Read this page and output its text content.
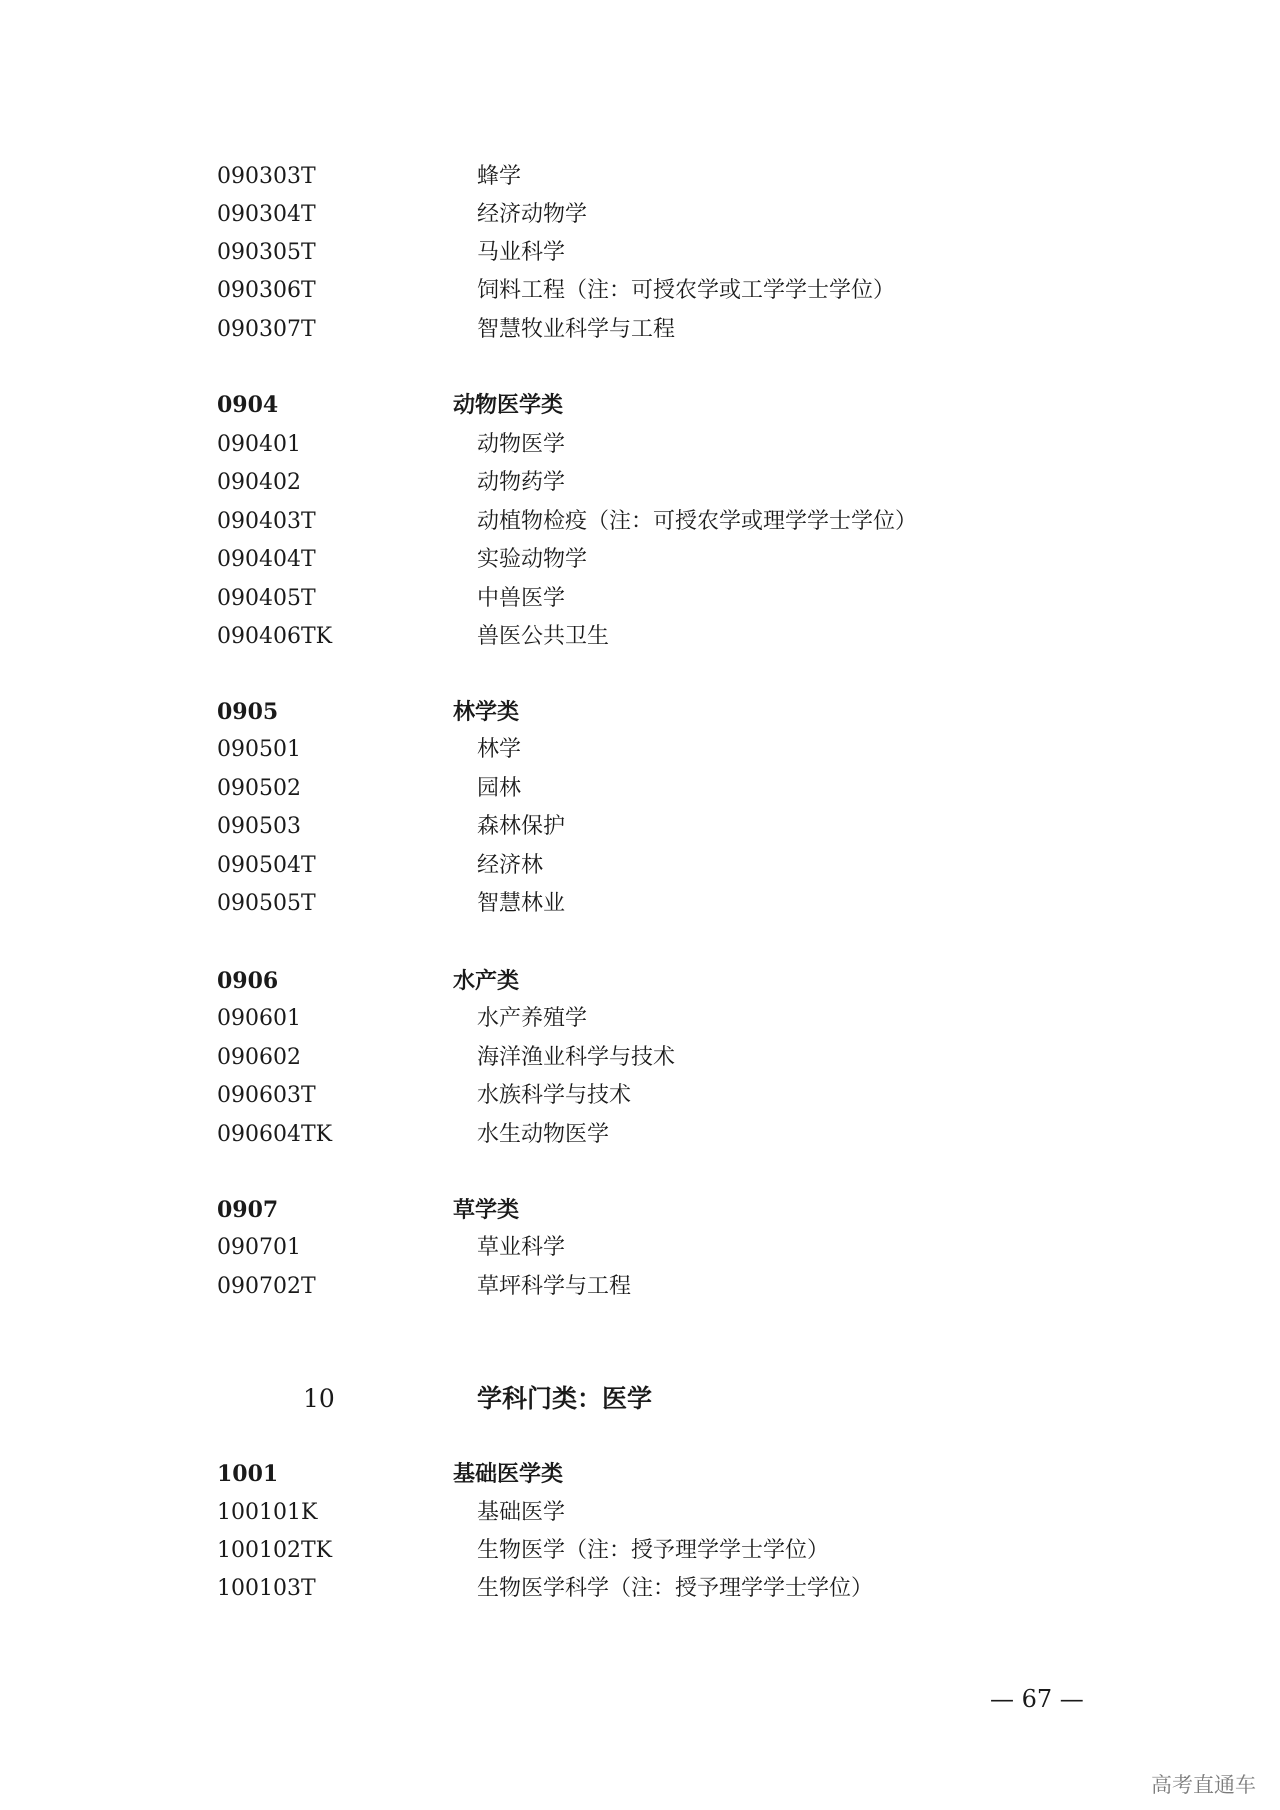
090303T	蜂学
090304T	经济动物学
090305T	马业科学
090306T	饲料工程（注：可授农学或工学学士学位）
090307T	智慧牧业科学与工程
0904	动物医学类
090401	动物医学
090402	动物药学
090403T	动植物检疫（注：可授农学或理学学士学位）
090404T	实验动物学
090405T	中兽医学
090406TK	兽医公共卫生
0905	林学类
090501	林学
090502	园林
090503	森林保护
090504T	经济林
090505T	智慧林业
0906	水产类
090601	水产养殖学
090602	海洋渔业科学与技术
090603T	水族科学与技术
090604TK	水生动物医学
0907	草学类
090701	草业科学
090702T	草坪科学与工程
10	学科门类：医学
1001	基础医学类
100101K	基础医学
100102TK	生物医学（注：授予理学学士学位）
100103T	生物医学科学（注：授予理学学士学位）
— 67 —
高考直通车
